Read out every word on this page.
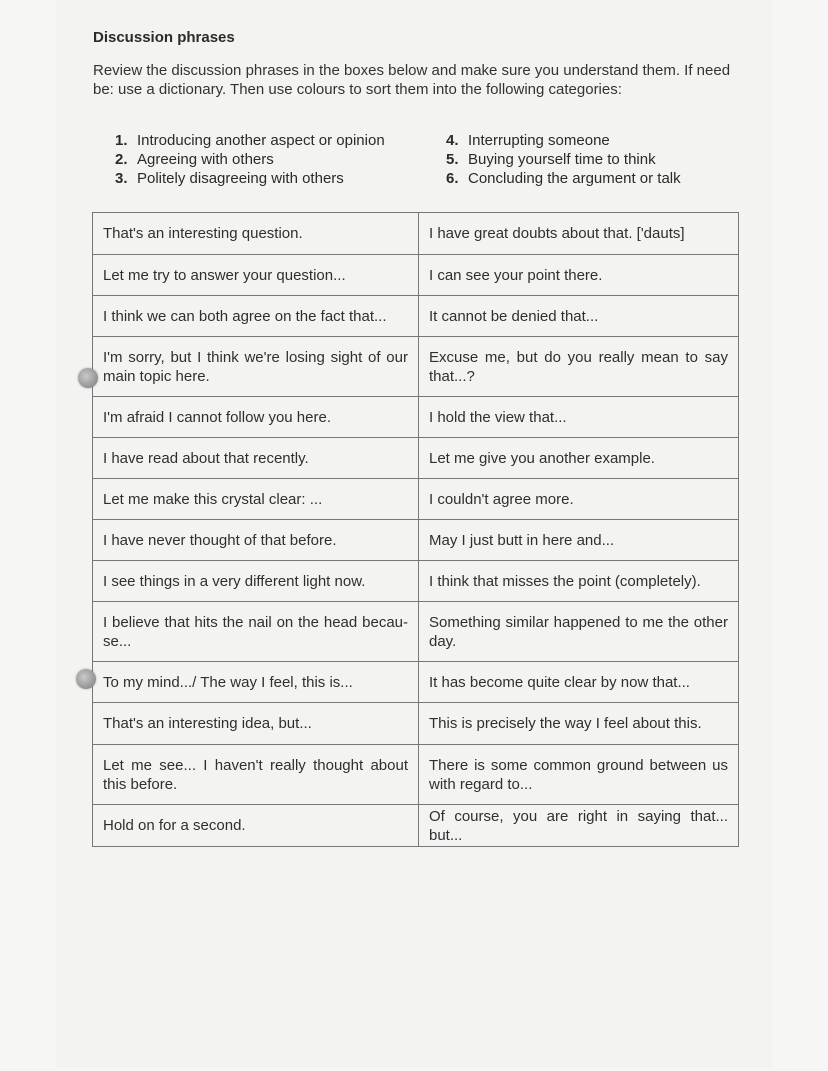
Discussion phrases
Review the discussion phrases in the boxes below and make sure you understand them. If need be: use a dictionary. Then use colours to sort them into the following categories:
1. Introducing another aspect or opinion
2. Agreeing with others
3. Politely disagreeing with others
4. Interrupting someone
5. Buying yourself time to think
6. Concluding the argument or talk
That's an interesting question.	I have great doubts about that. ['dauts]
Let me try to answer your question...	I can see your point there.
I think we can both agree on the fact that...	It cannot be denied that...
I'm sorry, but I think we're losing sight of our main topic here.	Excuse me, but do you really mean to say that...?
I'm afraid I cannot follow you here.	I hold the view that...
I have read about that recently.	Let me give you another example.
Let me make this crystal clear: ...	I couldn't agree more.
I have never thought of that before.	May I just butt in here and...
I see things in a very different light now.	I think that misses the point (completely).
I believe that hits the nail on the head becau-se...	Something similar happened to me the other day.
To my mind.../ The way I feel, this is...	It has become quite clear by now that...
That's an interesting idea, but...	This is precisely the way I feel about this.
Let me see... I haven't really thought about this before.	There is some common ground between us with regard to...
Hold on for a second.	Of course, you are right in saying that... but...
